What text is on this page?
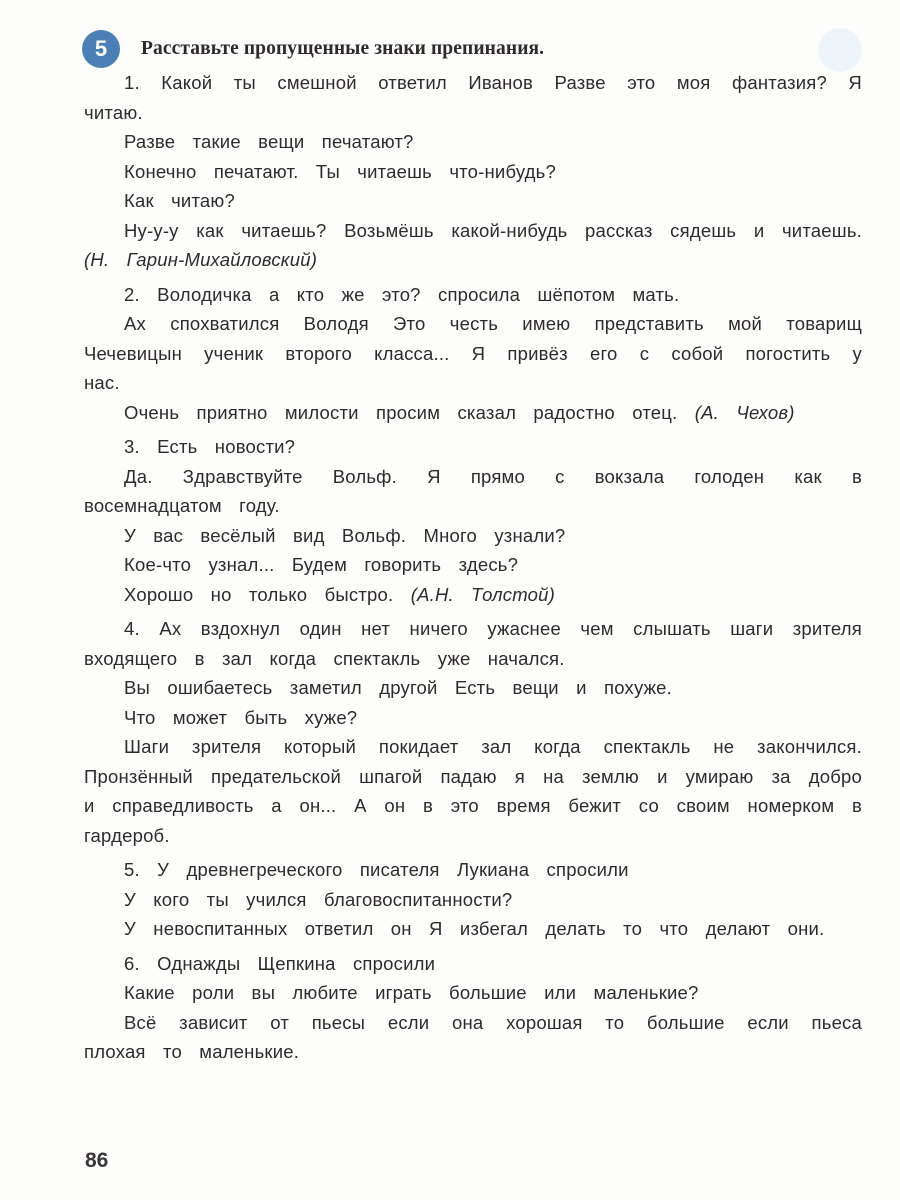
5	Расставьте пропущенные знаки препинания.

1. Какой ты смешной ответил Иванов Разве это моя фантазия? Я читаю.

Разве такие вещи печатают?

Конечно печатают. Ты читаешь что-нибудь?

Как читаю?

Ну-у-у как читаешь? Возьмёшь какой-нибудь рассказ сядешь и читаешь. (Н. Гарин-Михайловский)

2. Володичка а кто же это? спросила шёпотом мать.

Ах спохватился Володя Это честь имею представить мой товарищ Чечевицын ученик второго класса... Я привёз его с собой погостить у нас.

Очень приятно милости просим сказал радостно отец. (А. Чехов)

3. Есть новости?

Да. Здравствуйте Вольф. Я прямо с вокзала голоден как в восемнадцатом году.

У вас весёлый вид Вольф. Много узнали?

Кое-что узнал... Будем говорить здесь?

Хорошо но только быстро. (А.Н. Толстой)

4. Ах вздохнул один нет ничего ужаснее чем слышать шаги зрителя входящего в зал когда спектакль уже начался.

Вы ошибаетесь заметил другой Есть вещи и похуже.

Что может быть хуже?

Шаги зрителя который покидает зал когда спектакль не закончился. Пронзённый предательской шпагой падаю я на землю и умираю за добро и справедливость а он... А он в это время бежит со своим номерком в гардероб.

5. У древнегреческого писателя Лукиана спросили

У кого ты учился благовоспитанности?

У невоспитанных ответил он Я избегал делать то что делают они.

6. Однажды Щепкина спросили

Какие роли вы любите играть большие или маленькие?

Всё зависит от пьесы если она хорошая то большие если пьеса плохая то маленькие.

86
